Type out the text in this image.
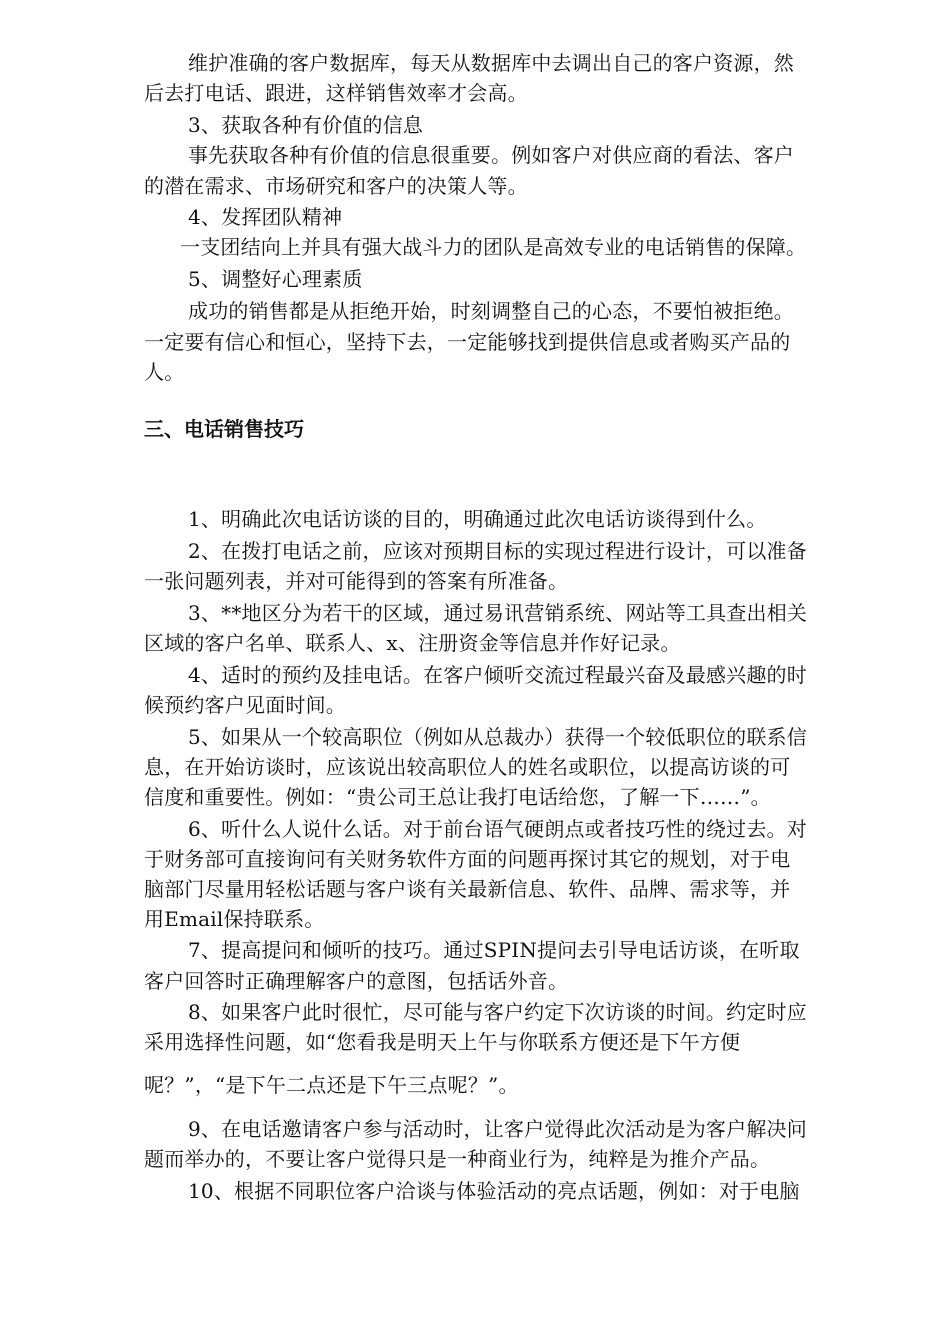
维护准确的客户数据库，每天从数据库中去调出自己的客户资源，然
后去打电话、跟进，这样销售效率才会高。
3、获取各种有价值的信息
事先获取各种有价值的信息很重要。例如客户对供应商的看法、客户
的潜在需求、市场研究和客户的决策人等。
4、发挥团队精神
一支团结向上并具有强大战斗力的团队是高效专业的电话销售的保障。
5、调整好心理素质
成功的销售都是从拒绝开始，时刻调整自己的心态，不要怕被拒绝。
一定要有信心和恒心，坚持下去，一定能够找到提供信息或者购买产品的
人。
三、电话销售技巧
1、明确此次电话访谈的目的，明确通过此次电话访谈得到什么。
2、在拨打电话之前，应该对预期目标的实现过程进行设计，可以准备
一张问题列表，并对可能得到的答案有所准备。
3、**地区分为若干的区域，通过易讯营销系统、网站等工具查出相关
区域的客户名单、联系人、x、注册资金等信息并作好记录。
4、适时的预约及挂电话。在客户倾听交流过程最兴奋及最感兴趣的时
候预约客户见面时间。
5、如果从一个较高职位（例如从总裁办）获得一个较低职位的联系信
息，在开始访谈时，应该说出较高职位人的姓名或职位，以提高访谈的可
信度和重要性。例如：“贵公司王总让我打电话给您，了解一下……”。
6、听什么人说什么话。对于前台语气硬朗点或者技巧性的绕过去。对
于财务部可直接询问有关财务软件方面的问题再探讨其它的规划，对于电
脑部门尽量用轻松话题与客户谈有关最新信息、软件、品牌、需求等，并
用Email保持联系。
7、提高提问和倾听的技巧。通过SPIN提问去引导电话访谈，在听取
客户回答时正确理解客户的意图，包括话外音。
8、如果客户此时很忙，尽可能与客户约定下次访谈的时间。约定时应
采用选择性问题，如“您看我是明天上午与你联系方便还是下午方便
呢？”，“是下午二点还是下午三点呢？”。
9、在电话邀请客户参与活动时，让客户觉得此次活动是为客户解决问
题而举办的，不要让客户觉得只是一种商业行为，纯粹是为推介产品。
10、根据不同职位客户洽谈与体验活动的亮点话题，例如：对于电脑
